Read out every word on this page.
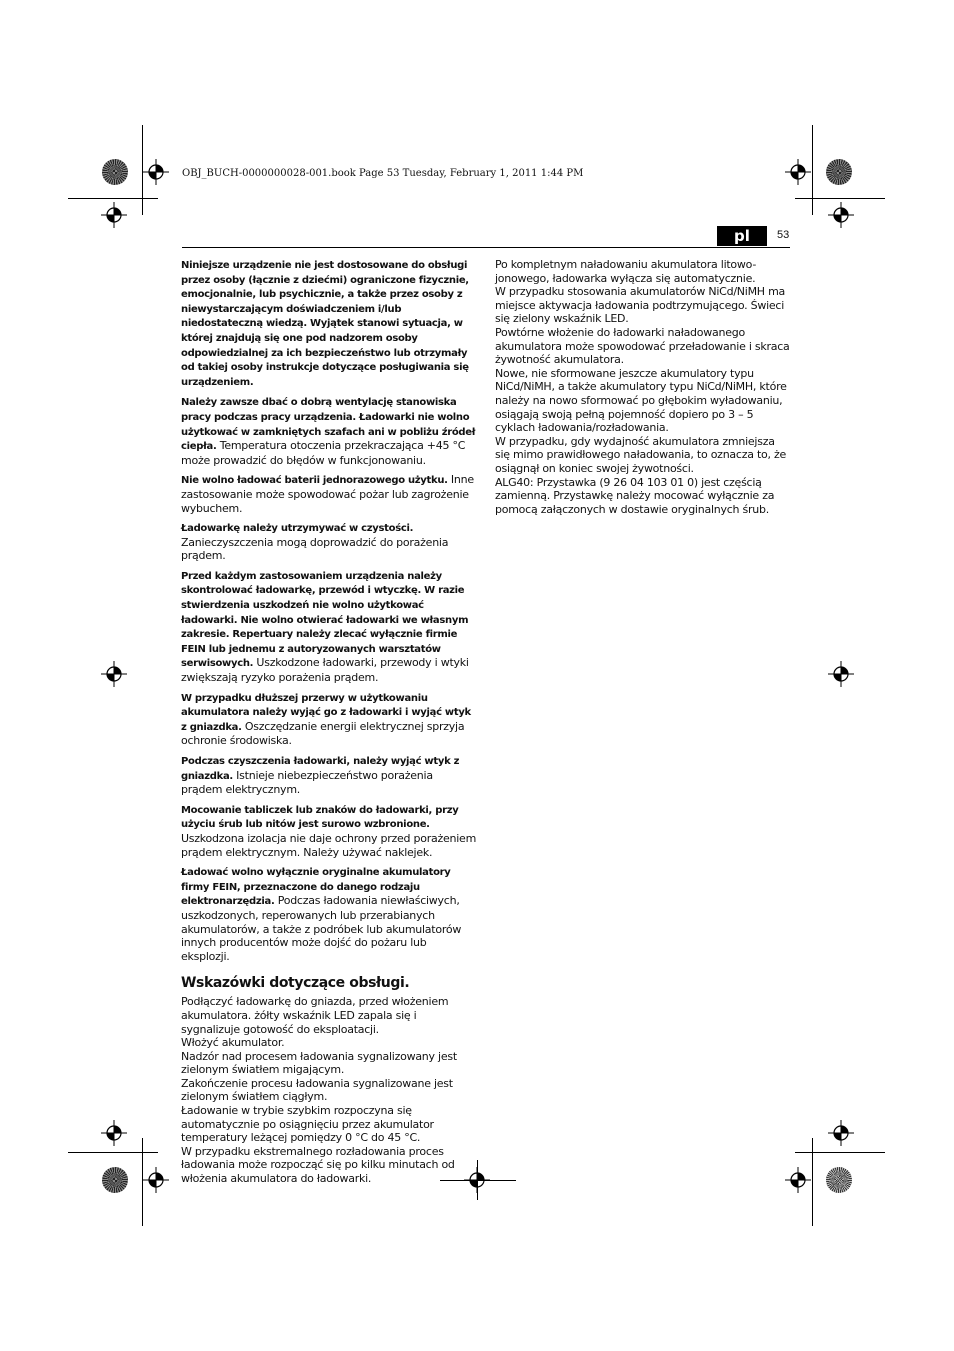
OBJ_BUCH-0000000028-001.book Page 53 Tuesday, February 1, 2011 1:44 PM
pl	53

Niniejsze urządzenie nie jest dostosowane do obsługi przez osoby (łącznie z dziećmi) ograniczone fizycznie, emocjonalnie, lub psychicznie, a także przez osoby z niewystarczającym doświadczeniem i/lub niedostateczną wiedzą. Wyjątek stanowi sytuacja, w której znajdują się one pod nadzorem osoby odpowiedzialnej za ich bezpieczeństwo lub otrzymały od takiej osoby instrukcje dotyczące posługiwania się urządzeniem.

Należy zawsze dbać o dobrą wentylację stanowiska pracy podczas pracy urządzenia. Ładowarki nie wolno użytkować w zamkniętych szafach ani w pobliżu źródeł ciepła. Temperatura otoczenia przekraczająca +45 °C może prowadzić do błędów w funkcjonowaniu.

Nie wolno ładować baterii jednorazowego użytku. Inne zastosowanie może spowodować pożar lub zagrożenie wybuchem.

Ładowarkę należy utrzymywać w czystości. Zanieczyszczenia mogą doprowadzić do porażenia prądem.

Przed każdym zastosowaniem urządzenia należy skontrolować ładowarkę, przewód i wtyczkę. W razie stwierdzenia uszkodzeń nie wolno użytkować ładowarki. Nie wolno otwierać ładowarki we własnym zakresie. Repertuary należy zlecać wyłącznie firmie FEIN lub jednemu z autoryzowanych warsztatów serwisowych. Uszkodzone ładowarki, przewody i wtyki zwiększają ryzyko porażenia prądem.

W przypadku dłuższej przerwy w użytkowaniu akumulatora należy wyjąć go z ładowarki i wyjąć wtyk z gniazdka. Oszczędzanie energii elektrycznej sprzyja ochronie środowiska.

Podczas czyszczenia ładowarki, należy wyjąć wtyk z gniazdka. Istnieje niebezpieczeństwo porażenia prądem elektrycznym.

Mocowanie tabliczek lub znaków do ładowarki, przy użyciu śrub lub nitów jest surowo wzbronione. Uszkodzona izolacja nie daje ochrony przed porażeniem prądem elektrycznym. Należy używać naklejek.

Ładować wolno wyłącznie oryginalne akumulatory firmy FEIN, przeznaczone do danego rodzaju elektronarzędzia. Podczas ładowania niewłaściwych, uszkodzonych, reperowanych lub przerabianych akumulatorów, a także z podróbek lub akumulatorów innych producentów może dojść do pożaru lub eksplozji.

Wskazówki dotyczące obsługi.

Podłączyć ładowarkę do gniazda, przed włożeniem akumulatora. żółty wskaźnik LED zapala się i sygnalizuje gotowość do eksploatacji.

Włożyć akumulator.

Nadzór nad procesem ładowania sygnalizowany jest zielonym światłem migającym.

Zakończenie procesu ładowania sygnalizowane jest zielonym światłem ciągłym.

Ładowanie w trybie szybkim rozpoczyna się automatycznie po osiągnięciu przez akumulator temperatury leżącej pomiędzy 0 °C do 45 °C.

W przypadku ekstremalnego rozładowania proces ładowania może rozpocząć się po kilku minutach od włożenia akumulatora do ładowarki.

Po kompletnym naładowaniu akumulatora litowo-jonowego, ładowarka wyłącza się automatycznie.

W przypadku stosowania akumulatorów NiCd/NiMH ma miejsce aktywacja ładowania podtrzymującego. Świeci się zielony wskaźnik LED.

Powtórne włożenie do ładowarki naładowanego akumulatora może spowodować przeładowanie i skraca żywotność akumulatora.

Nowe, nie sformowane jeszcze akumulatory typu NiCd/NiMH, a także akumulatory typu NiCd/NiMH, które należy na nowo sformować po głębokim wyładowaniu, osiągają swoją pełną pojemność dopiero po 3 – 5 cyklach ładowania/rozładowania.

W przypadku, gdy wydajność akumulatora zmniejsza się mimo prawidłowego naładowania, to oznacza to, że osiągnął on koniec swojej żywotności.

ALG40: Przystawka (9 26 04 103 01 0) jest częścią zamienną. Przystawkę należy mocować wyłącznie za pomocą załączonych w dostawie oryginalnych śrub.
